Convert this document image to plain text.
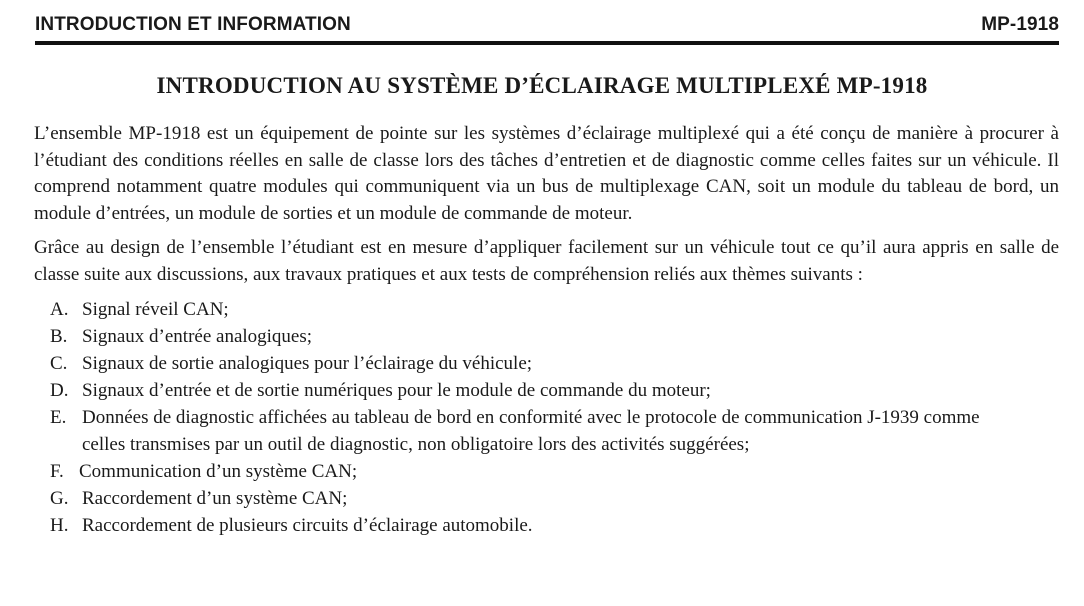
INTRODUCTION ET INFORMATION	MP-1918
INTRODUCTION AU SYSTÈME D’ÉCLAIRAGE MULTIPLEXÉ MP-1918

L’ensemble MP-1918 est un équipement de pointe sur les systèmes d’éclairage multiplexé qui a été conçu de manière à procurer à l’étudiant des conditions réelles en salle de classe lors des tâches d’entretien et de diagnostic comme celles faites sur un véhicule. Il comprend notamment quatre modules qui communiquent via un bus de multiplexage CAN, soit un module du tableau de bord, un module d’entrées, un module de sorties et un module de commande de moteur.

Grâce au design de l’ensemble l’étudiant est en mesure d’appliquer facilement sur un véhicule tout ce qu’il aura appris en salle de classe suite aux discussions, aux travaux pratiques et aux tests de compréhension reliés aux thèmes suivants :

A. Signal réveil CAN;
B. Signaux d’entrée analogiques;
C. Signaux de sortie analogiques pour l’éclairage du véhicule;
D. Signaux d’entrée et de sortie numériques pour le module de commande du moteur;
E. Données de diagnostic affichées au tableau de bord en conformité avec le protocole de communication J-1939 comme celles transmises par un outil de diagnostic, non obligatoire lors des activités suggérées;
F. Communication d’un système CAN;
G. Raccordement d’un système CAN;
H. Raccordement de plusieurs circuits d’éclairage automobile.
